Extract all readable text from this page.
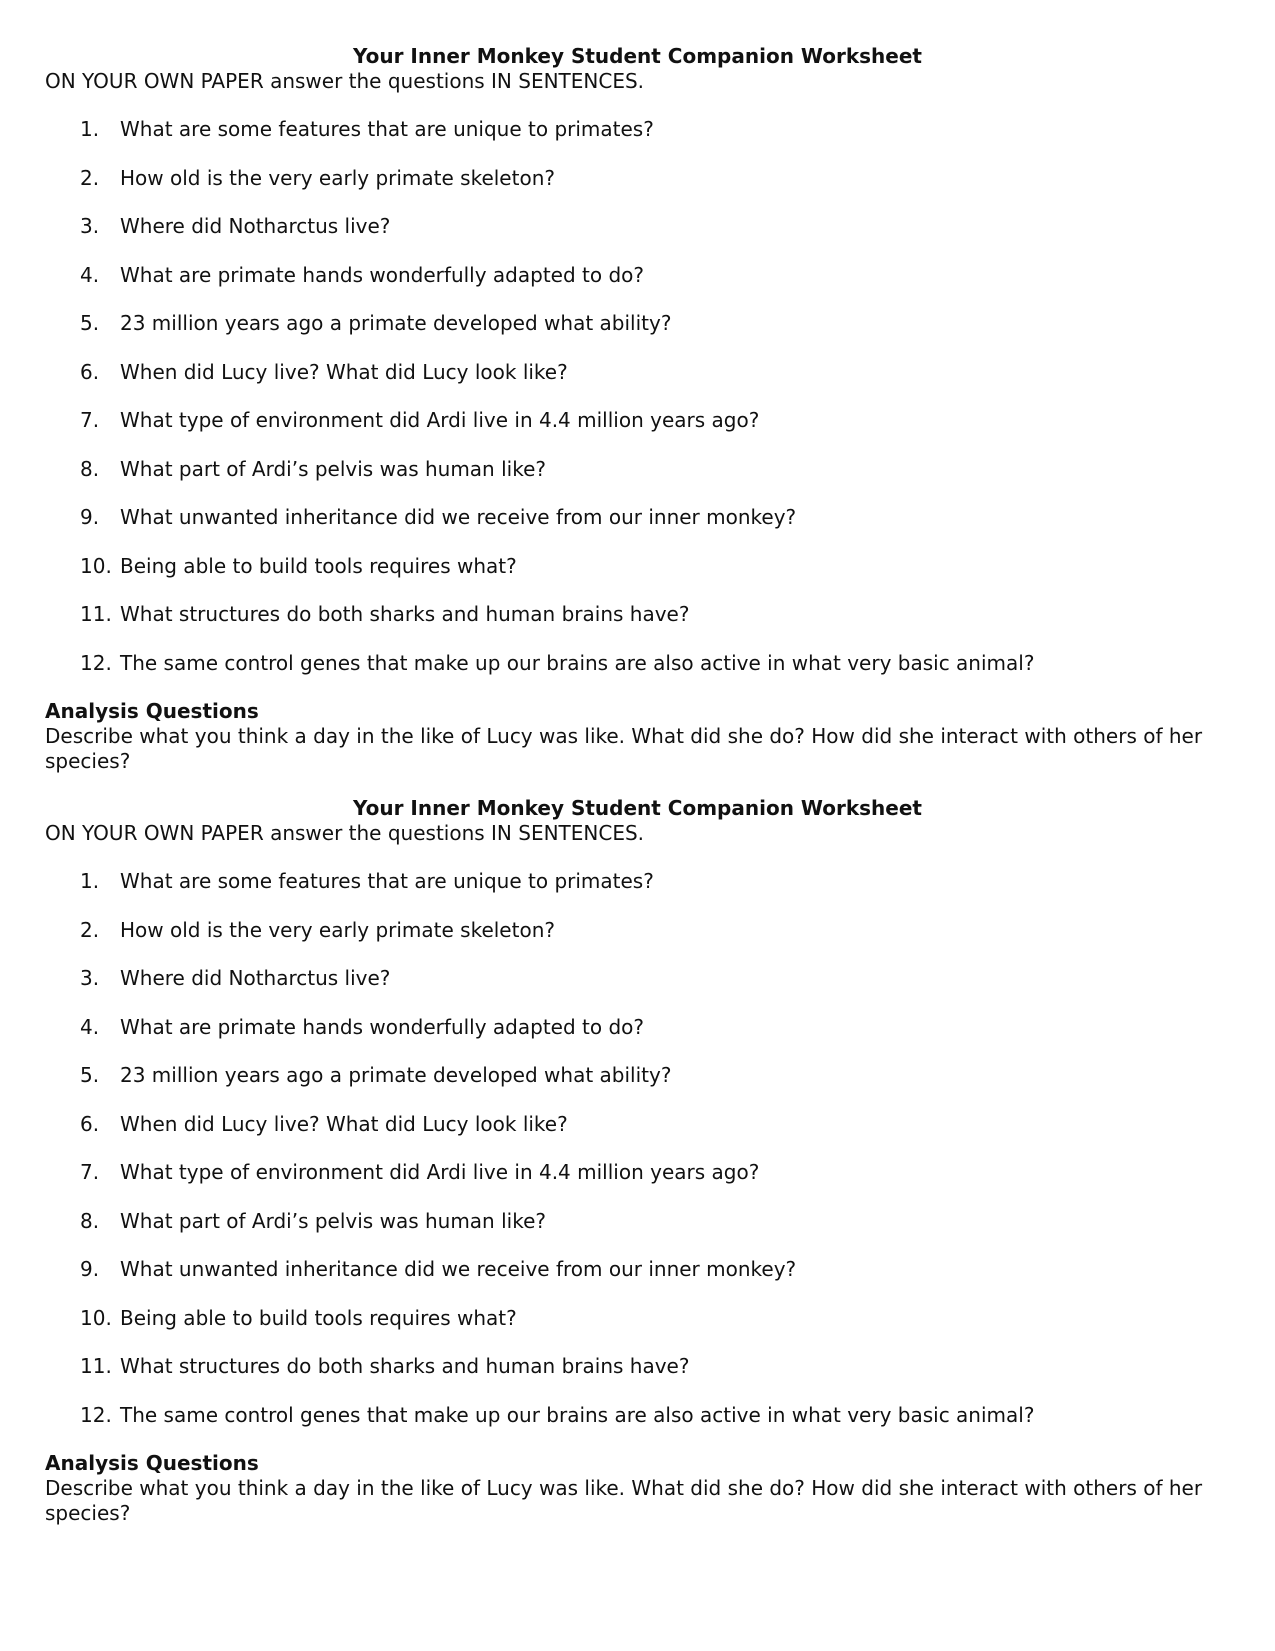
Your Inner Monkey Student Companion Worksheet

ON YOUR OWN PAPER answer the questions IN SENTENCES.

1.	What are some features that are unique to primates?
2.	How old is the very early primate skeleton?
3.	Where did Notharctus live?
4.	What are primate hands wonderfully adapted to do?
5.	23 million years ago a primate developed what ability?
6.	When did Lucy live? What did Lucy look like?
7.	What type of environment did Ardi live in 4.4 million years ago?
8.	What part of Ardi’s pelvis was human like?
9.	What unwanted inheritance did we receive from our inner monkey?
10. Being able to build tools requires what?
11. What structures do both sharks and human brains have?
12. The same control genes that make up our brains are also active in what very basic animal?
Analysis Questions

Describe what you think a day in the like of Lucy was like. What did she do? How did she interact with others of her species?

Your Inner Monkey Student Companion Worksheet

ON YOUR OWN PAPER answer the questions IN SENTENCES.

1.	What are some features that are unique to primates?
2.	How old is the very early primate skeleton?
3.	Where did Notharctus live?
4.	What are primate hands wonderfully adapted to do?
5.	23 million years ago a primate developed what ability?
6.	When did Lucy live? What did Lucy look like?
7.	What type of environment did Ardi live in 4.4 million years ago?
8.	What part of Ardi’s pelvis was human like?
9.	What unwanted inheritance did we receive from our inner monkey?
10. Being able to build tools requires what?
11. What structures do both sharks and human brains have?
12. The same control genes that make up our brains are also active in what very basic animal?
Analysis Questions

Describe what you think a day in the like of Lucy was like. What did she do? How did she interact with others of her species?
